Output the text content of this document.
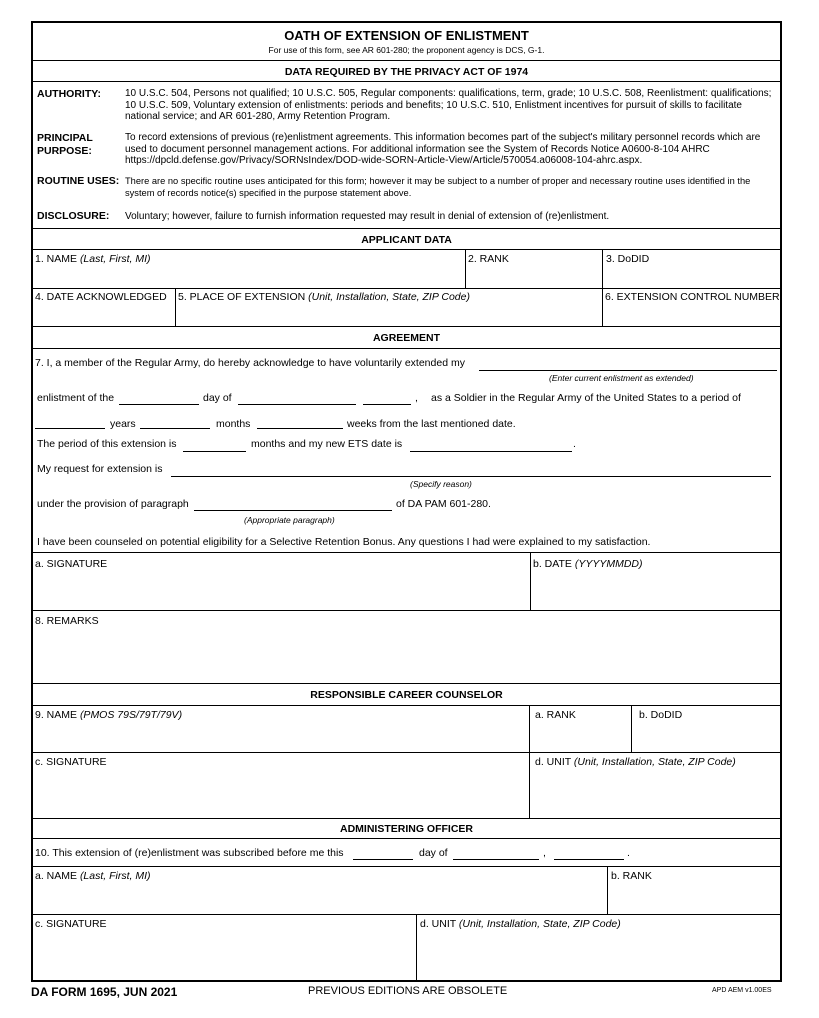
OATH OF EXTENSION OF ENLISTMENT
For use of this form, see AR 601-280; the proponent agency is DCS, G-1.
DATA REQUIRED BY THE PRIVACY ACT OF 1974
AUTHORITY: 10 U.S.C. 504, Persons not qualified; 10 U.S.C. 505, Regular components: qualifications, term, grade; 10 U.S.C. 508, Reenlistment: qualifications; 10 U.S.C. 509, Voluntary extension of enlistments: periods and benefits; 10 U.S.C. 510, Enlistment incentives for pursuit of skills to facilitate national service; and AR 601-280, Army Retention Program.
PRINCIPAL
PURPOSE:
To record extensions of previous (re)enlistment agreements. This information becomes part of the subject's military personnel records which are used to document personnel management actions. For additional information see the System of Records Notice A0600-8-104 AHRC https://dpcld.defense.gov/Privacy/SORNsIndex/DOD-wide-SORN-Article-View/Article/570054.a06008-104-ahrc.aspx.
ROUTINE USES: There are no specific routine uses anticipated for this form; however it may be subject to a number of proper and necessary routine uses identified in the system of records notice(s) specified in the purpose statement above.
DISCLOSURE: Voluntary; however, failure to furnish information requested may result in denial of extension of (re)enlistment.
APPLICANT DATA
1. NAME (Last, First, MI)	2. RANK	3. DoDID
4. DATE ACKNOWLEDGED 5. PLACE OF EXTENSION (Unit, Installation, State, ZIP Code)	6. EXTENSION CONTROL NUMBER
AGREEMENT
7. I, a member of the Regular Army, do hereby acknowledge to have voluntarily extended my
(Enter current enlistment as extended)
enlistment of the	day of	, as a Soldier in the Regular Army of the United States to a period of
years	months	weeks from the last mentioned date.
The period of this extension is	months and my new ETS date is	.
My request for extension is
(Specify reason)
under the provision of paragraph	of DA PAM 601-280.
(Appropriate paragraph)
I have been counseled on potential eligibility for a Selective Retention Bonus. Any questions I had were explained to my satisfaction.
a. SIGNATURE	b. DATE (YYYYMMDD)
8. REMARKS
RESPONSIBLE CAREER COUNSELOR
9. NAME (PMOS 79S/79T/79V)	a. RANK	b. DoDID
c. SIGNATURE	d. UNIT (Unit, Installation, State, ZIP Code)
ADMINISTERING OFFICER
10. This extension of (re)enlistment was subscribed before me this	day of	,	.
a. NAME (Last, First, MI)	b. RANK
c. SIGNATURE	d. UNIT (Unit, Installation, State, ZIP Code)
DA FORM 1695, JUN 2021	PREVIOUS EDITIONS ARE OBSOLETE	APD AEM v1.00ES
